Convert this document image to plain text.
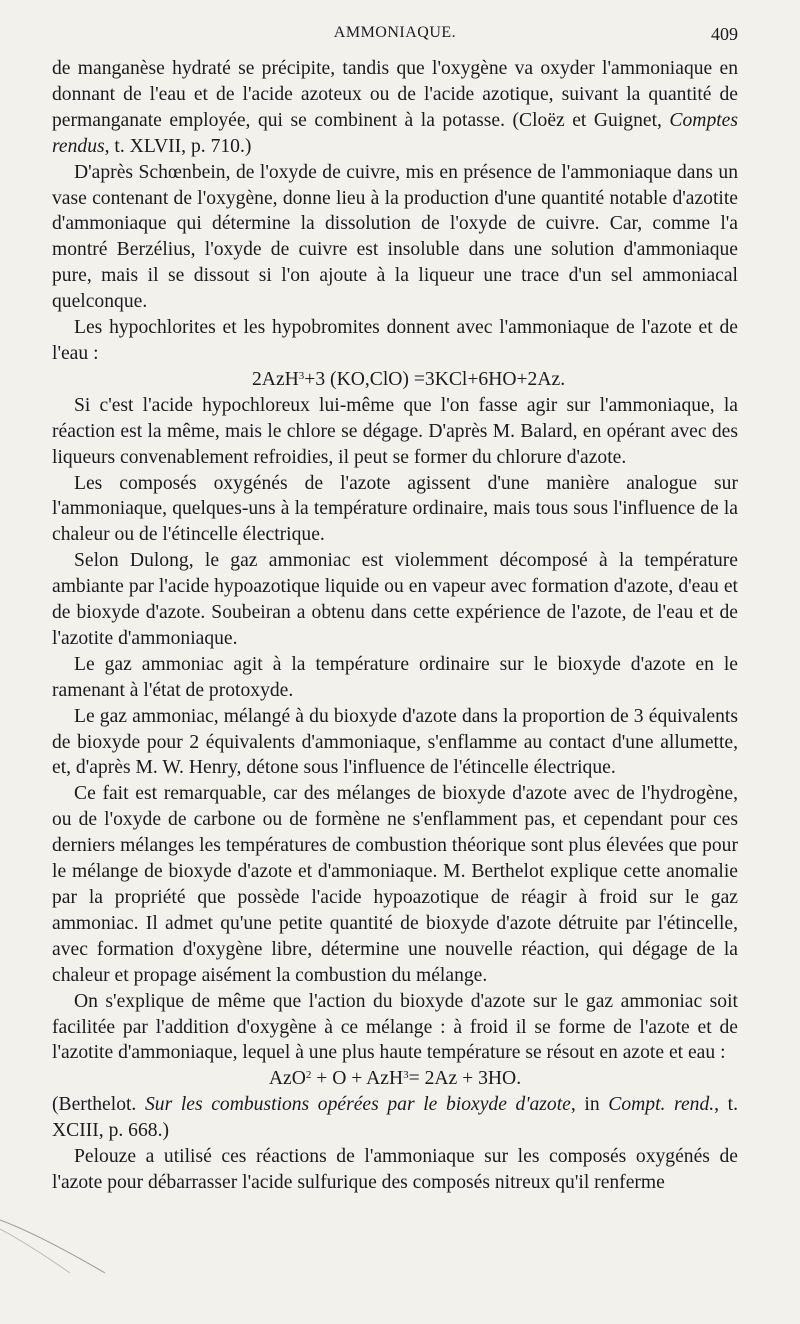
AMMONIAQUE.	409

de manganèse hydraté se précipite, tandis que l'oxygène va oxyder l'ammoniaque en donnant de l'eau et de l'acide azoteux ou de l'acide azotique, suivant la quantité de permanganate employée, qui se combinent à la potasse. (Cloëz et Guignet, Comptes rendus, t. XLVII, p. 710.)

D'après Schœnbein, de l'oxyde de cuivre, mis en présence de l'ammoniaque dans un vase contenant de l'oxygène, donne lieu à la production d'une quantité notable d'azotite d'ammoniaque qui détermine la dissolution de l'oxyde de cuivre. Car, comme l'a montré Berzélius, l'oxyde de cuivre est insoluble dans une solution d'ammoniaque pure, mais il se dissout si l'on ajoute à la liqueur une trace d'un sel ammoniacal quelconque.

Les hypochlorites et les hypobromites donnent avec l'ammoniaque de l'azote et de l'eau :

2AzH$^3$+3 (KO,ClO) =3KCl+6HO+2Az.

Si c'est l'acide hypochloreux lui-même que l'on fasse agir sur l'ammoniaque, la réaction est la même, mais le chlore se dégage. D'après M. Balard, en opérant avec des liqueurs convenablement refroidies, il peut se former du chlorure d'azote.

Les composés oxygénés de l'azote agissent d'une manière analogue sur l'ammoniaque, quelques-uns à la température ordinaire, mais tous sous l'influence de la chaleur ou de l'étincelle électrique.

Selon Dulong, le gaz ammoniac est violemment décomposé à la température ambiante par l'acide hypoazotique liquide ou en vapeur avec formation d'azote, d'eau et de bioxyde d'azote. Soubeiran a obtenu dans cette expérience de l'azote, de l'eau et de l'azotite d'ammoniaque.

Le gaz ammoniac agit à la température ordinaire sur le bioxyde d'azote en le ramenant à l'état de protoxyde.

Le gaz ammoniac, mélangé à du bioxyde d'azote dans la proportion de 3 équivalents de bioxyde pour 2 équivalents d'ammoniaque, s'enflamme au contact d'une allumette, et, d'après M. W. Henry, détone sous l'influence de l'étincelle électrique.

Ce fait est remarquable, car des mélanges de bioxyde d'azote avec de l'hydrogène, ou de l'oxyde de carbone ou de formène ne s'enflamment pas, et cependant pour ces derniers mélanges les températures de combustion théorique sont plus élevées que pour le mélange de bioxyde d'azote et d'ammoniaque. M. Berthelot explique cette anomalie par la propriété que possède l'acide hypoazotique de réagir à froid sur le gaz ammoniac. Il admet qu'une petite quantité de bioxyde d'azote détruite par l'étincelle, avec formation d'oxygène libre, détermine une nouvelle réaction, qui dégage de la chaleur et propage aisément la combustion du mélange.

On s'explique de même que l'action du bioxyde d'azote sur le gaz ammoniac soit facilitée par l'addition d'oxygène à ce mélange : à froid il se forme de l'azote et de l'azotite d'ammoniaque, lequel à une plus haute température se résout en azote et eau :

AzO$^2$ + O + AzH$^3$= 2Az + 3HO.

(Berthelot. Sur les combustions opérées par le bioxyde d'azote, in Compt. rend., t. XCIII, p. 668.)

Pelouze a utilisé ces réactions de l'ammoniaque sur les composés oxygénés de l'azote pour débarrasser l'acide sulfurique des composés nitreux qu'il renferme
